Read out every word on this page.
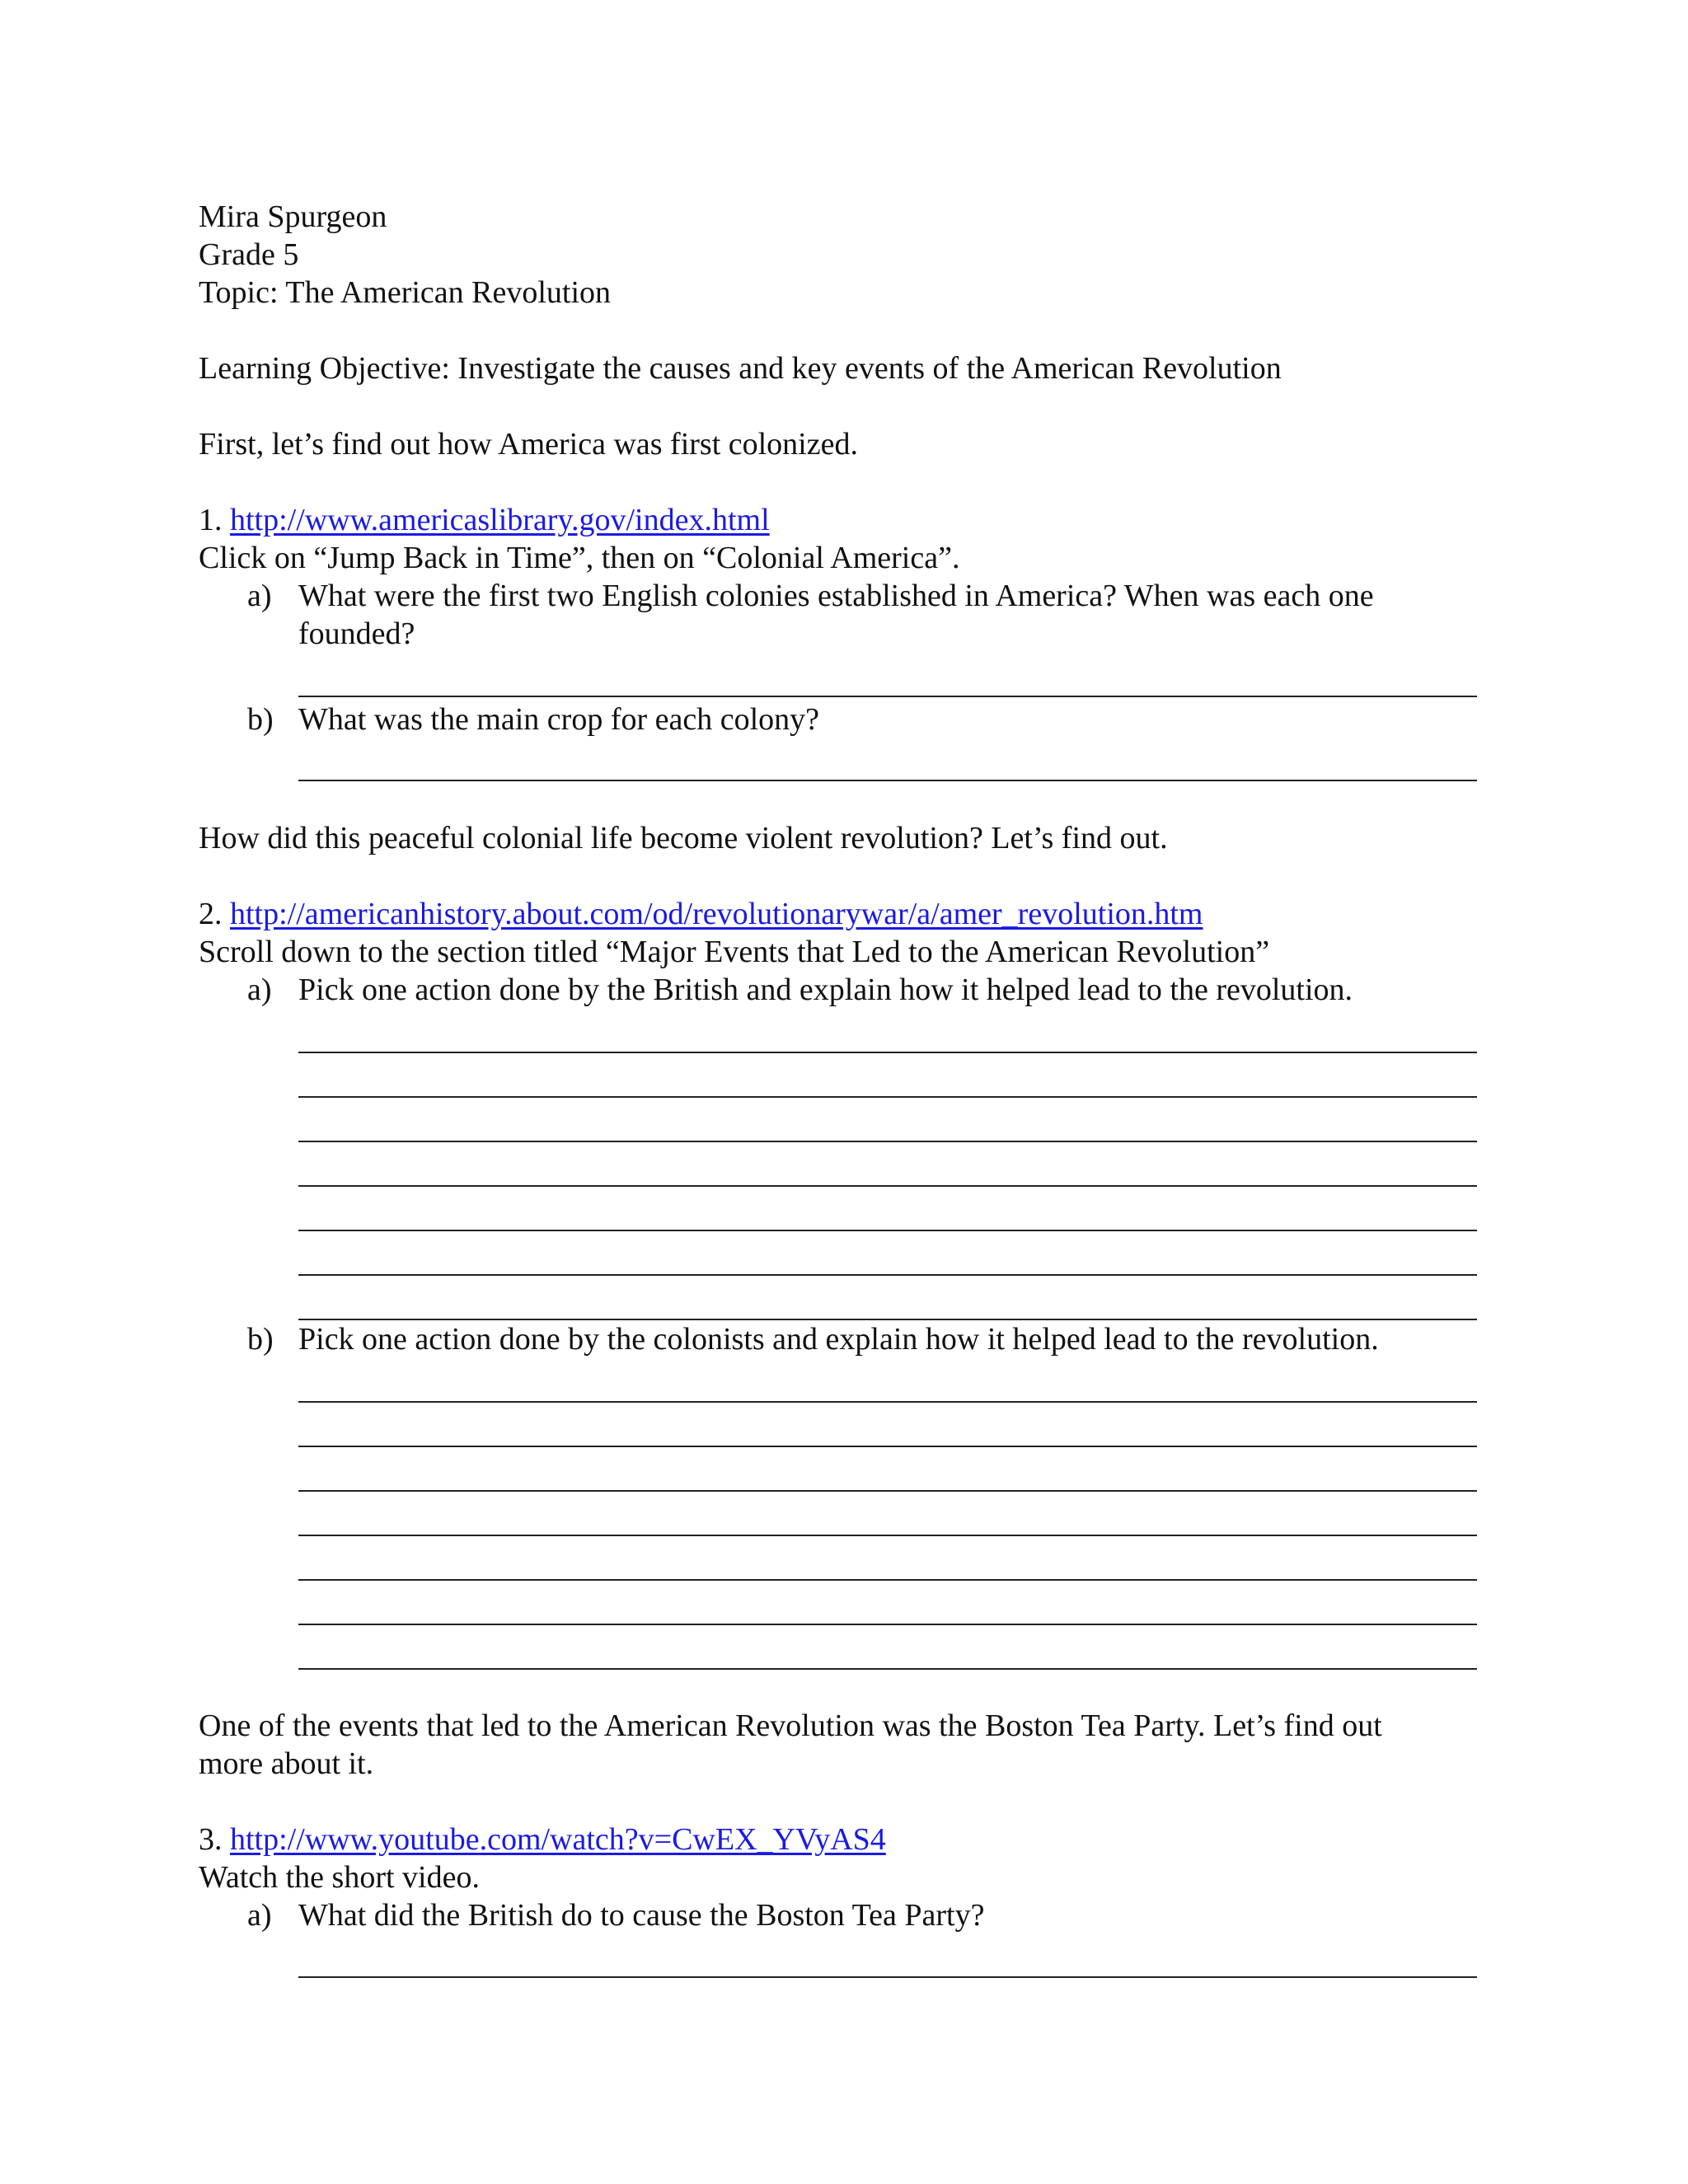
Mira Spurgeon

Grade 5

Topic: The American Revolution

Learning Objective: Investigate the causes and key events of the American Revolution

First, let’s find out how America was first colonized.

1. http://www.americaslibrary.gov/index.html

Click on “Jump Back in Time”, then on “Colonial America”.

a) What were the first two English colonies established in America? When was each one

founded?

b) What was the main crop for each colony?

How did this peaceful colonial life become violent revolution? Let’s find out.

2. http://americanhistory.about.com/od/revolutionarywar/a/amer_revolution.htm

Scroll down to the section titled “Major Events that Led to the American Revolution”

a) Pick one action done by the British and explain how it helped lead to the revolution.

b) Pick one action done by the colonists and explain how it helped lead to the revolution.

One of the events that led to the American Revolution was the Boston Tea Party. Let’s find out

more about it.

3. http://www.youtube.com/watch?v=CwEX_YVyAS4

Watch the short video.

a) What did the British do to cause the Boston Tea Party?
